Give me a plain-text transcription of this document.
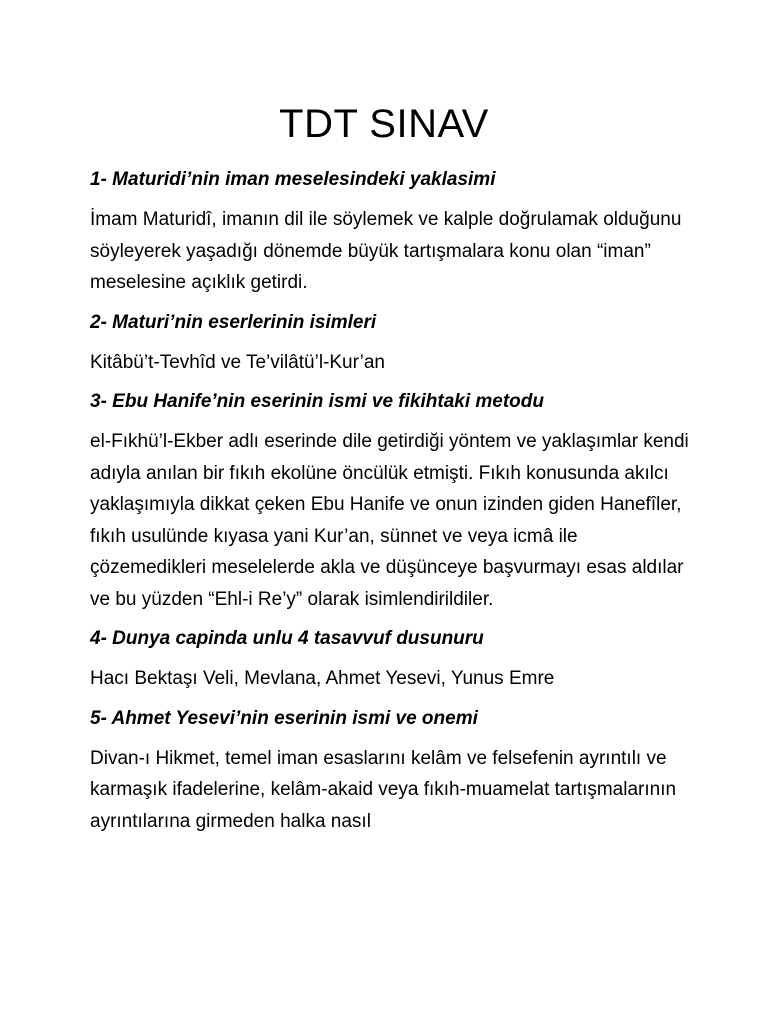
TDT SINAV

1- Maturidi’nin iman meselesindeki yaklasimi

İmam Maturidî, imanın dil ile söylemek ve kalple doğrulamak olduğunu söyleyerek yaşadığı dönemde büyük tartışmalara konu olan “iman” meselesine açıklık getirdi.

2- Maturi’nin eserlerinin isimleri

Kitâbü’t-Tevhîd ve Te’vilâtü’l-Kur’an

3- Ebu Hanife’nin eserinin ismi ve fikihtaki metodu

el-Fıkhü’l-Ekber adlı eserinde dile getirdiği yöntem ve yaklaşımlar kendi adıyla anılan bir fıkıh ekolüne öncülük etmişti. Fıkıh konusunda akılcı yaklaşımıyla dikkat çeken Ebu Hanife ve onun izinden giden Hanefîler, fıkıh usulünde kıyasa yani Kur’an, sünnet ve veya icmâ ile çözemedikleri meselelerde akla ve düşünceye başvurmayı esas aldılar ve bu yüzden “Ehl-i Re’y” olarak isimlendirildiler.

4- Dunya capinda unlu 4 tasavvuf dusunuru

Hacı Bektaşı Veli, Mevlana, Ahmet Yesevi, Yunus Emre

5- Ahmet Yesevi’nin eserinin ismi ve onemi

Divan-ı Hikmet, temel iman esaslarını kelâm ve felsefenin ayrıntılı ve karmaşık ifadelerine, kelâm-akaid veya fıkıh-muamelat tartışmalarının ayrıntılarına girmeden halka nasıl
